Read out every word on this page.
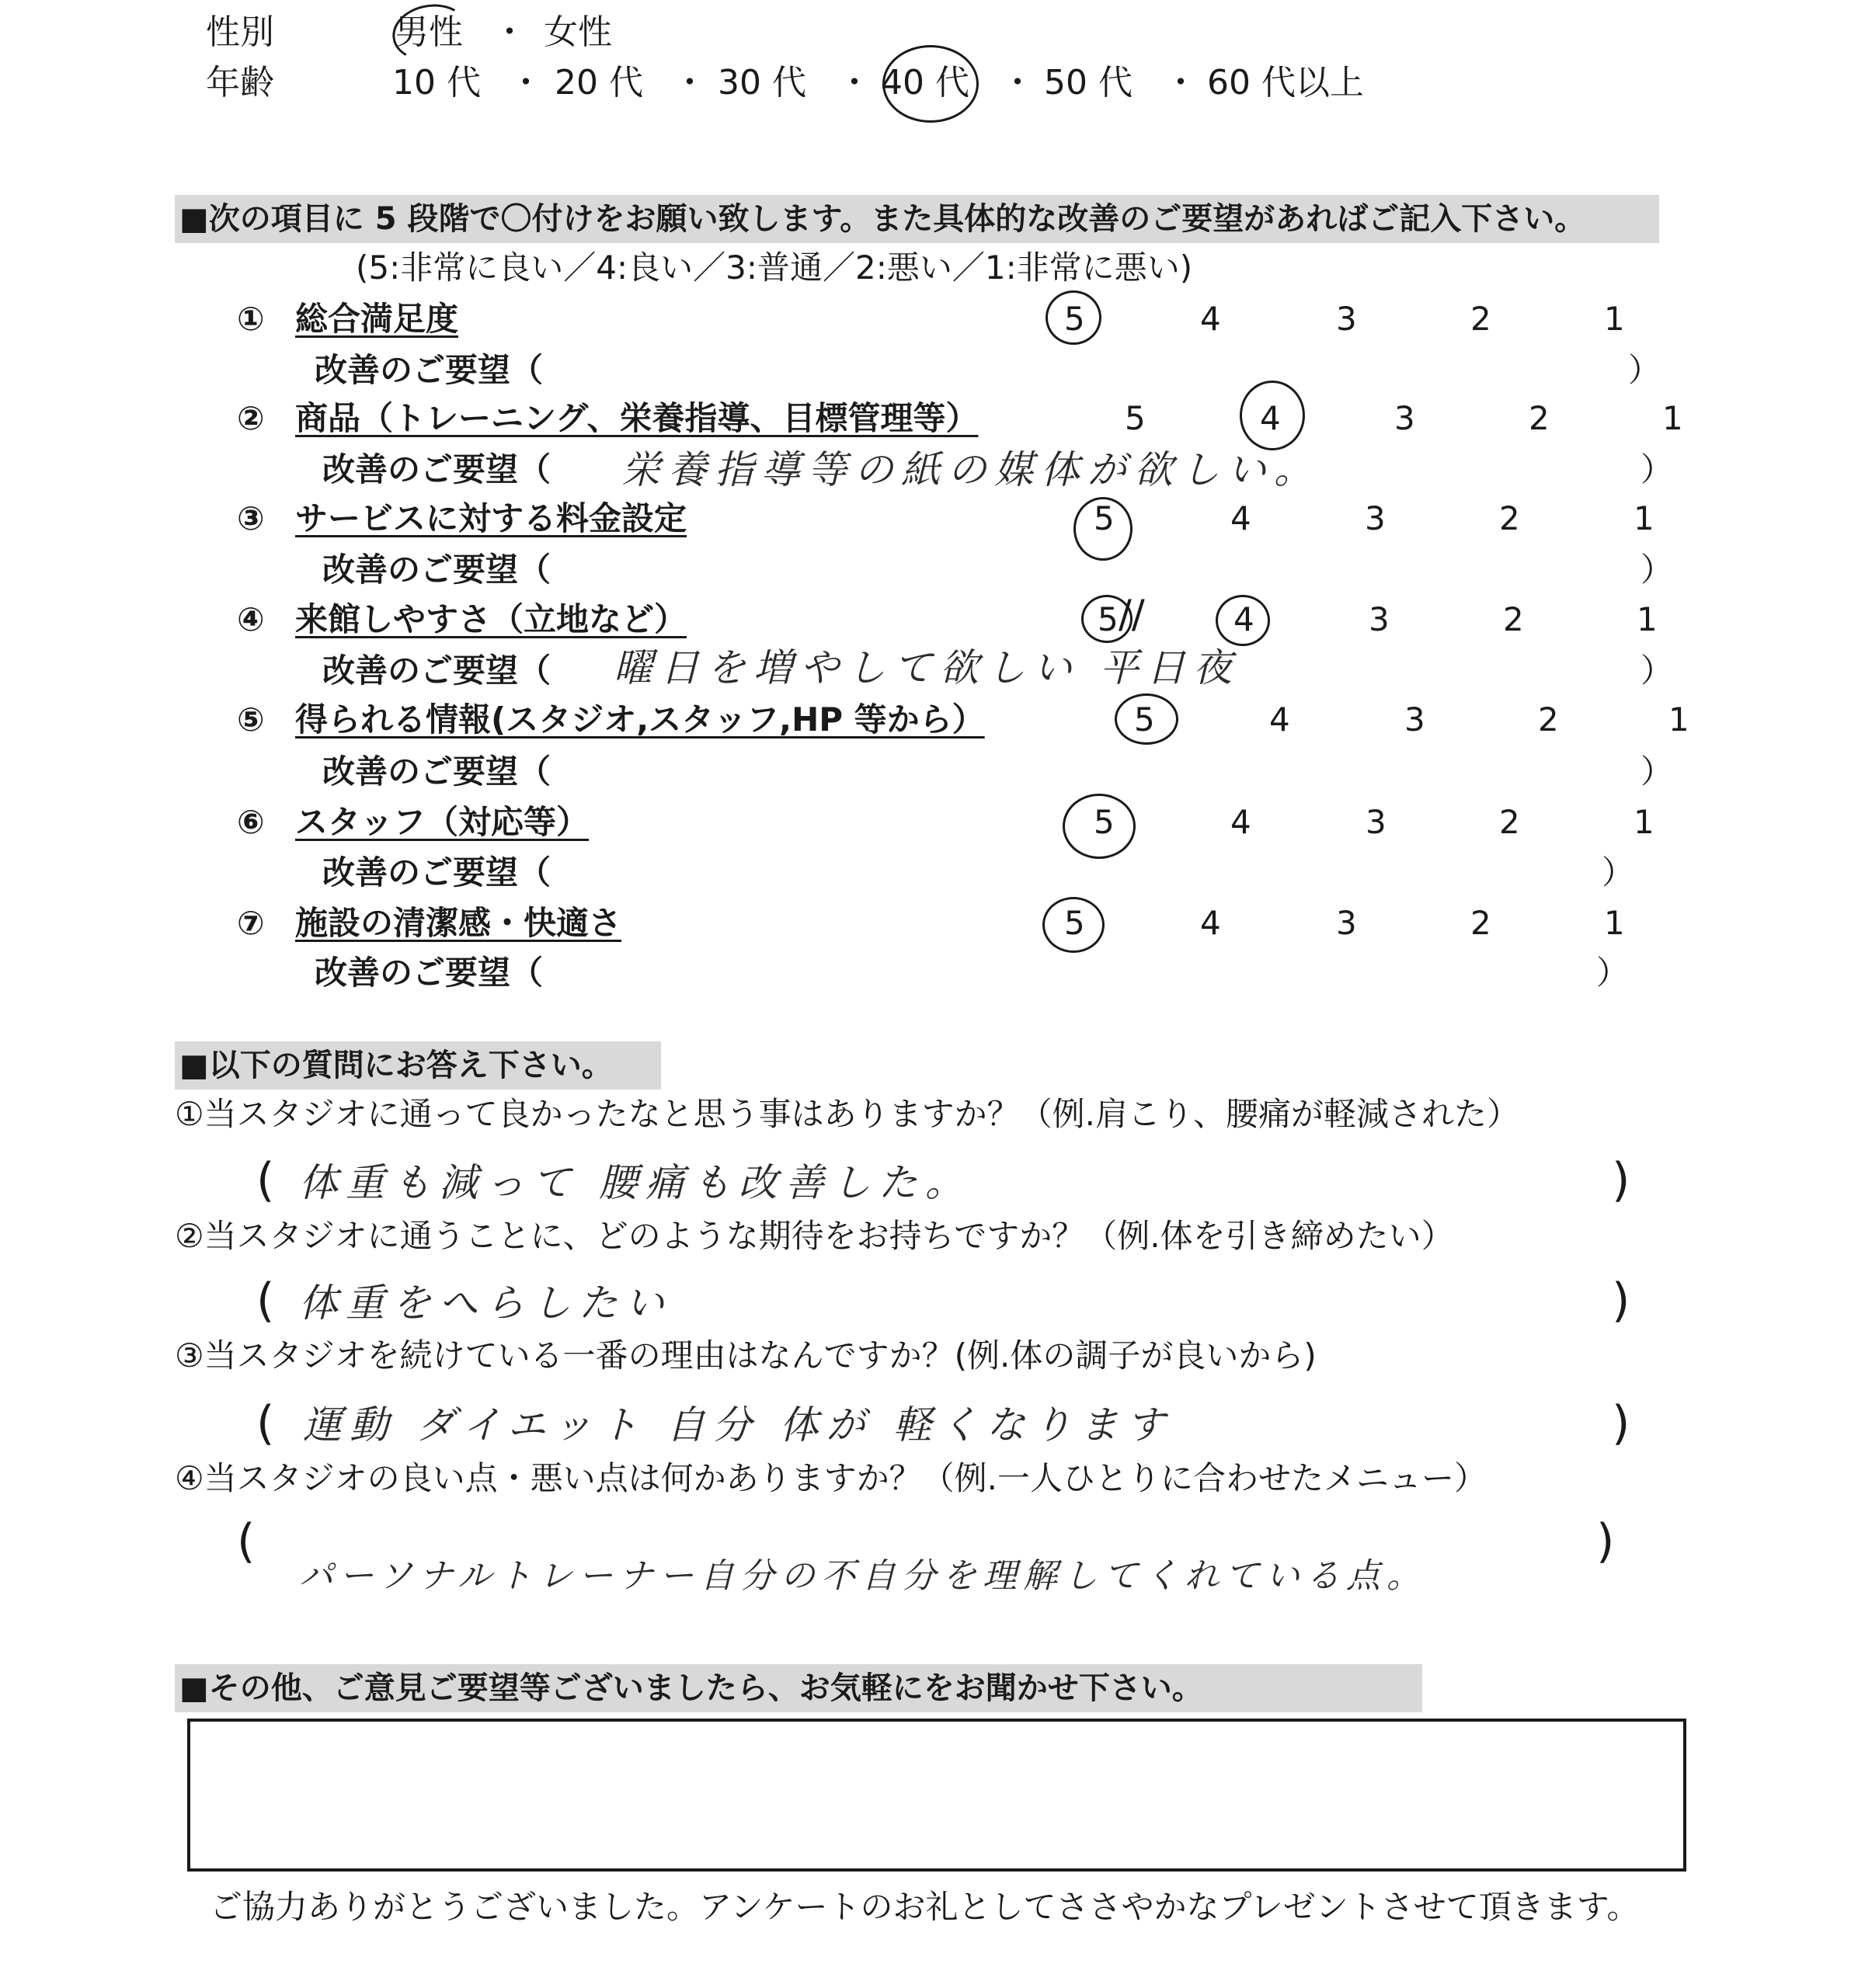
性別	男性 ・ 女性
年齢	10 代 ・ 20 代 ・ 30 代 ・ 40 代 ・ 50 代 ・ 60 代以上
■次の項目に 5 段階で〇付けをお願い致します。また具体的な改善のご要望があればご記入下さい。
(5:非常に良い／4:良い／3:普通／2:悪い／1:非常に悪い)
① 総合満足度	5	4	3	2	1
改善のご要望（	）
② 商品（トレーニング、栄養指導、目標管理等）	5	4	3	2	1
改善のご要望（ 栄養指導等の紙の媒体が欲しい。	）
③ サービスに対する料金設定	5	4	3	2	1
改善のご要望（	）
④ 来館しやすさ（立地など）	5 //	4	3	2	1
改善のご要望（ 曜日を増やして欲しい 平日夜	）
⑤ 得られる情報(スタジオ,スタッフ,HP 等から）	5	4	3	2	1
改善のご要望（	）
⑥ スタッフ（対応等）	5	4	3	2	1
改善のご要望（	）
⑦ 施設の清潔感・快適さ	5	4	3	2	1
改善のご要望（	）
■以下の質問にお答え下さい。
①当スタジオに通って良かったなと思う事はありますか？（例.肩こり、腰痛が軽減された）
( 体重も減って 腰痛も改善した。	)
②当スタジオに通うことに、どのような期待をお持ちですか？（例.体を引き締めたい）
( 体重をへらしたい	)
③当スタジオを続けている一番の理由はなんですか？(例.体の調子が良いから)
( 運動 ダイエット 自分 体が 軽くなります	)
④当スタジオの良い点・悪い点は何かありますか？（例.一人ひとりに合わせたメニュー）
(
パーソナルトレーナー自分の不自分を理解してくれている点。
)
■その他、ご意見ご要望等ございましたら、お気軽にをお聞かせ下さい。
ご協力ありがとうございました。アンケートのお礼としてささやかなプレゼントさせて頂きます。
